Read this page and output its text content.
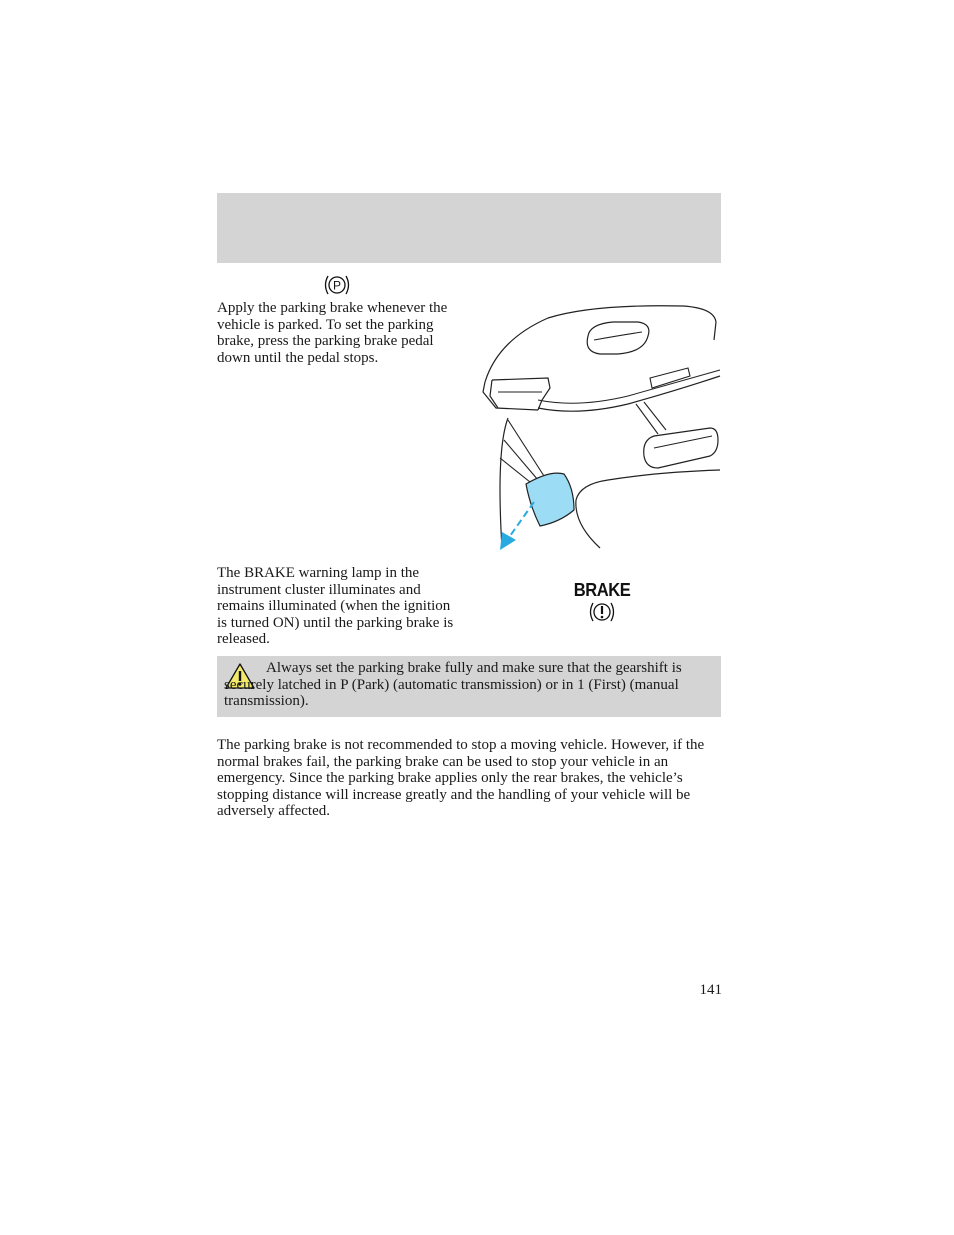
P

Apply the parking brake whenever the vehicle is parked. To set the parking brake, press the parking brake pedal down until the pedal stops.

The BRAKE warning lamp in the instrument cluster illuminates and remains illuminated (when the ignition is turned ON) until the parking brake is released.

BRAKE

Always set the parking brake fully and make sure that the gearshift is securely latched in P (Park) (automatic transmission) or in 1 (First) (manual transmission).

The parking brake is not recommended to stop a moving vehicle. However, if the normal brakes fail, the parking brake can be used to stop your vehicle in an emergency. Since the parking brake applies only the rear brakes, the vehicle’s stopping distance will increase greatly and the handling of your vehicle will be adversely affected.

141
